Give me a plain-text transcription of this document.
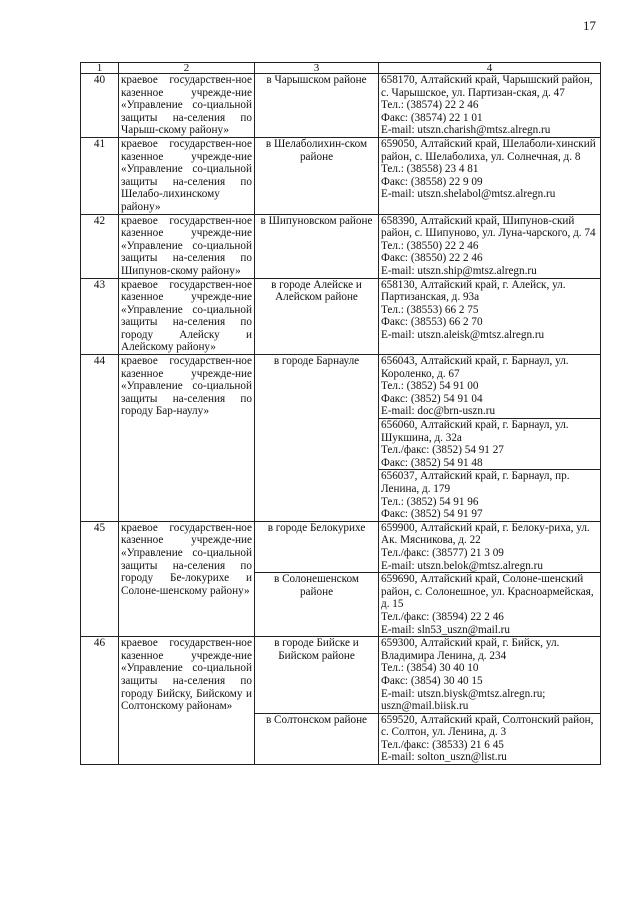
17
1	2	3	4
40	краевое государствен-ное казенное учрежде-ние «Управление со-циальной защиты на-селения по Чарыш-скому району»	в Чарышском районе	658170, Алтайский край, Чарышский район, с. Чарышское, ул. Партизан-ская, д. 47
Тел.: (38574) 22 2 46
Факс: (38574) 22 1 01
E-mail: utszn.charish@mtsz.alregn.ru

41	краевое государствен-ное казенное учрежде-ние «Управление со-циальной защиты на-селения по Шелабо-лихинскому району»	в Шелаболихин-ском районе	659050, Алтайский край, Шелаболи-хинский район, с. Шелаболиха, ул. Солнечная, д. 8
Тел.: (38558) 23 4 81
Факс: (38558) 22 9 09
E-mail: utszn.shelabol@mtsz.alregn.ru

42	краевое государствен-ное казенное учрежде-ние «Управление со-циальной защиты на-селения по Шипунов-скому району»	в Шипуновском районе	658390, Алтайский край, Шипунов-ский район, с. Шипуново, ул. Луна-чарского, д. 74
Тел.: (38550) 22 2 46
Факс: (38550) 22 2 46
E-mail: utszn.ship@mtsz.alregn.ru

43	краевое государствен-ное казенное учрежде-ние «Управление со-циальной защиты на-селения по городу Алейску и Алейскому району»	в городе Алейске и Алейском районе	658130, Алтайский край, г. Алейск, ул. Партизанская, д. 93а
Тел.: (38553) 66 2 75
Факс: (38553) 66 2 70
E-mail: utszn.aleisk@mtsz.alregn.ru

44	краевое государствен-ное казенное учрежде-ние «Управление со-циальной защиты на-селения по городу Бар-наулу»	в городе Барнауле	656043, Алтайский край, г. Барнаул, ул. Короленко, д. 67
Тел.: (3852) 54 91 00
Факс: (3852) 54 91 04
E-mail: doc@brn-uszn.ru

			656060, Алтайский край, г. Барнаул, ул. Шукшина, д. 32а
Тел./факс: (3852) 54 91 27
Факс: (3852) 54 91 48

			656037, Алтайский край, г. Барнаул, пр. Ленина, д. 179
Тел.: (3852) 54 91 96
Факс: (3852) 54 91 97

45	краевое государствен-ное казенное учрежде-ние «Управление со-циальной защиты на-селения по городу Бе-локурихе и Солоне-шенскому району»	в городе Белокурихе	659900, Алтайский край, г. Белоку-риха, ул. Ак. Мясникова, д. 22
Тел./факс: (38577) 21 3 09
E-mail: utszn.belok@mtsz.alregn.ru

		в Солонешенском районе	659690, Алтайский край, Солоне-шенский район, с. Солонешное, ул. Красноармейская, д. 15
Тел./факс: (38594) 22 2 46
E-mail: sln53_uszn@mail.ru

46	краевое государствен-ное казенное учрежде-ние «Управление со-циальной защиты на-селения по городу Бийску, Бийскому и Солтонскому районам»	в городе Бийске и Бийском районе	659300, Алтайский край, г. Бийск, ул. Владимира Ленина, д. 234
Тел.: (3854) 30 40 10
Факс: (3854) 30 40 15
E-mail: utszn.biysk@mtsz.alregn.ru; uszn@mail.biisk.ru

		в Солтонском районе	659520, Алтайский край, Солтонский район, с. Солтон, ул. Ленина, д. 3
Тел./факс: (38533) 21 6 45
E-mail: solton_uszn@list.ru
